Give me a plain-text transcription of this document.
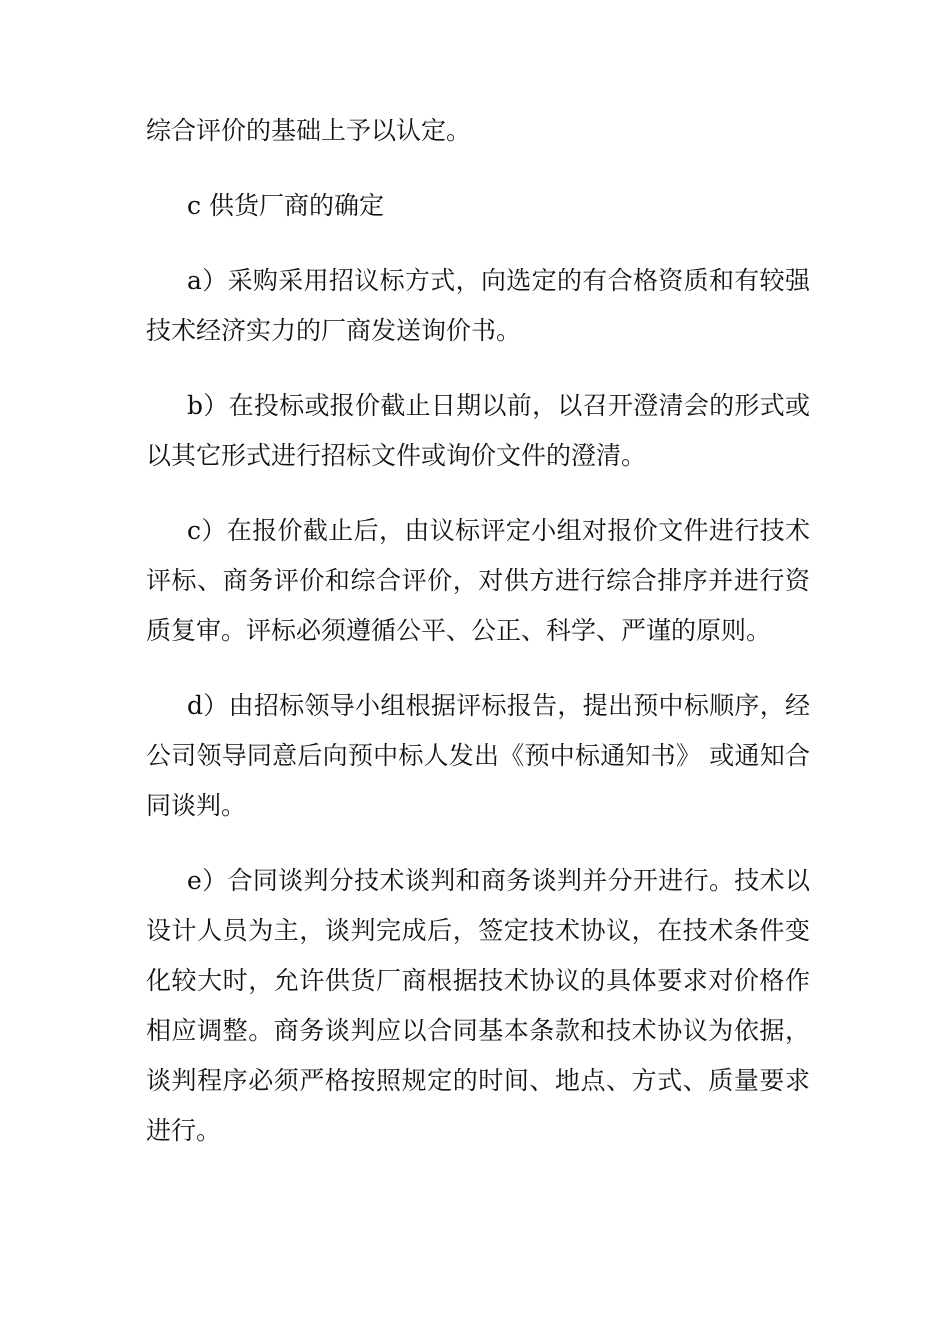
综合评价的基础上予以认定。

c 供货厂商的确定

a）采购采用招议标方式，向选定的有合格资质和有较强技术经济实力的厂商发送询价书。

b）在投标或报价截止日期以前，以召开澄清会的形式或以其它形式进行招标文件或询价文件的澄清。

c）在报价截止后，由议标评定小组对报价文件进行技术评标、商务评价和综合评价，对供方进行综合排序并进行资质复审。评标必须遵循公平、公正、科学、严谨的原则。

d）由招标领导小组根据评标报告，提出预中标顺序，经公司领导同意后向预中标人发出《预中标通知书》 或通知合同谈判。

e）合同谈判分技术谈判和商务谈判并分开进行。技术以设计人员为主，谈判完成后，签定技术协议，在技术条件变化较大时，允许供货厂商根据技术协议的具体要求对价格作相应调整。商务谈判应以合同基本条款和技术协议为依据，谈判程序必须严格按照规定的时间、地点、方式、质量要求进行。
